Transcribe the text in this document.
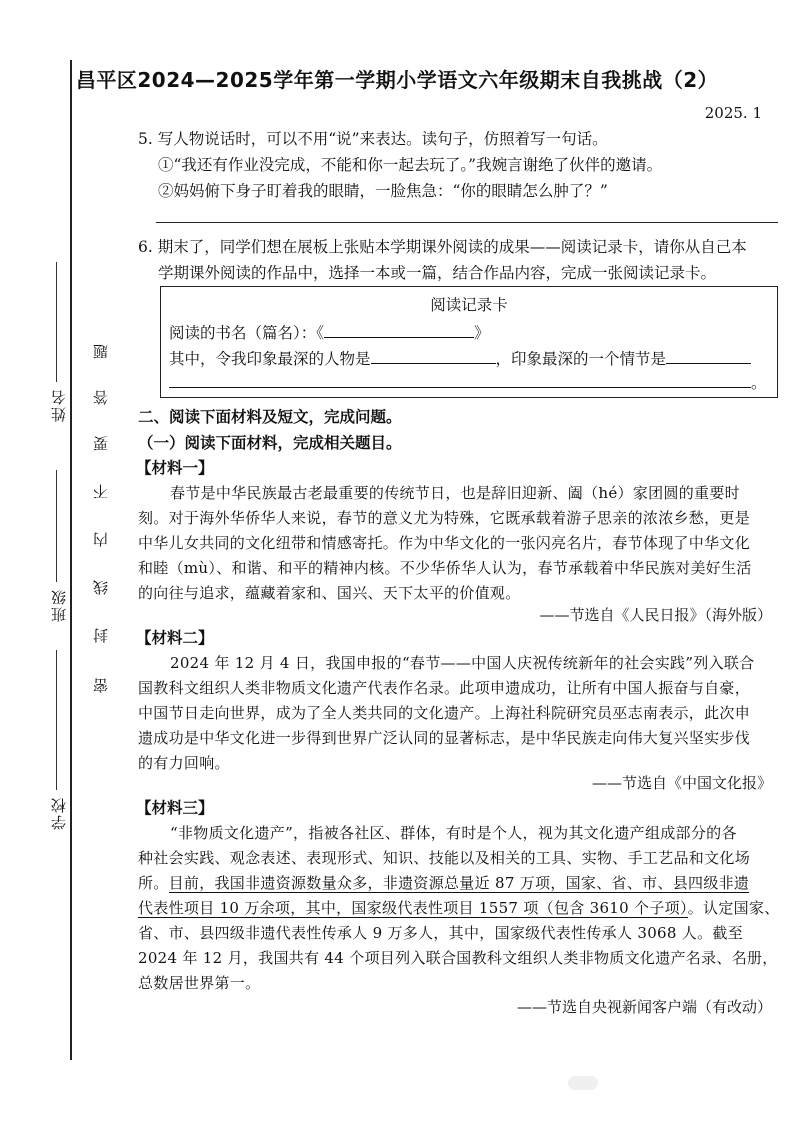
姓名
班级
学校
题
答
要
不
内
线
封
密
昌平区2024—2025学年第一学期小学语文六年级期末自我挑战（2）
2025. 1
5. 写人物说话时，可以不用“说”来表达。读句子，仿照着写一句话。
①“我还有作业没完成，不能和你一起去玩了。”我婉言谢绝了伙伴的邀请。
②妈妈俯下身子盯着我的眼睛，一脸焦急：“你的眼睛怎么肿了？”
6. 期末了，同学们想在展板上张贴本学期课外阅读的成果——阅读记录卡，请你从自己本
学期课外阅读的作品中，选择一本或一篇，结合作品内容，完成一张阅读记录卡。
阅读记录卡
阅读的书名（篇名）：《	》
其中，令我印象最深的人物是	，印象最深的一个情节是
。
二、阅读下面材料及短文，完成问题。
（一）阅读下面材料，完成相关题目。
【材料一】
春节是中华民族最古老最重要的传统节日，也是辞旧迎新、阖（hé）家团圆的重要时
刻。对于海外华侨华人来说，春节的意义尤为特殊，它既承载着游子思亲的浓浓乡愁，更是
中华儿女共同的文化纽带和情感寄托。作为中华文化的一张闪亮名片，春节体现了中华文化
和睦（mù）、和谐、和平的精神内核。不少华侨华人认为，春节承载着中华民族对美好生活
的向往与追求，蕴藏着家和、国兴、天下太平的价值观。
——节选自《人民日报》（海外版）
【材料二】
2024 年 12 月 4 日，我国申报的“春节——中国人庆祝传统新年的社会实践”列入联合
国教科文组织人类非物质文化遗产代表作名录。此项申遗成功，让所有中国人振奋与自豪，
中国节日走向世界，成为了全人类共同的文化遗产。上海社科院研究员巫志南表示，此次申
遗成功是中华文化进一步得到世界广泛认同的显著标志，是中华民族走向伟大复兴坚实步伐
的有力回响。
——节选自《中国文化报》
【材料三】
“非物质文化遗产”，指被各社区、群体，有时是个人，视为其文化遗产组成部分的各
种社会实践、观念表述、表现形式、知识、技能以及相关的工具、实物、手工艺品和文化场
所。目前，我国非遗资源数量众多，非遗资源总量近 87 万项，国家、省、市、县四级非遗
代表性项目 10 万余项，其中，国家级代表性项目 1557 项（包含 3610 个子项）。认定国家、
省、市、县四级非遗代表性传承人 9 万多人，其中，国家级代表性传承人 3068 人。截至
2024 年 12 月，我国共有 44 个项目列入联合国教科文组织人类非物质文化遗产名录、名册，
总数居世界第一。
——节选自央视新闻客户端（有改动）
